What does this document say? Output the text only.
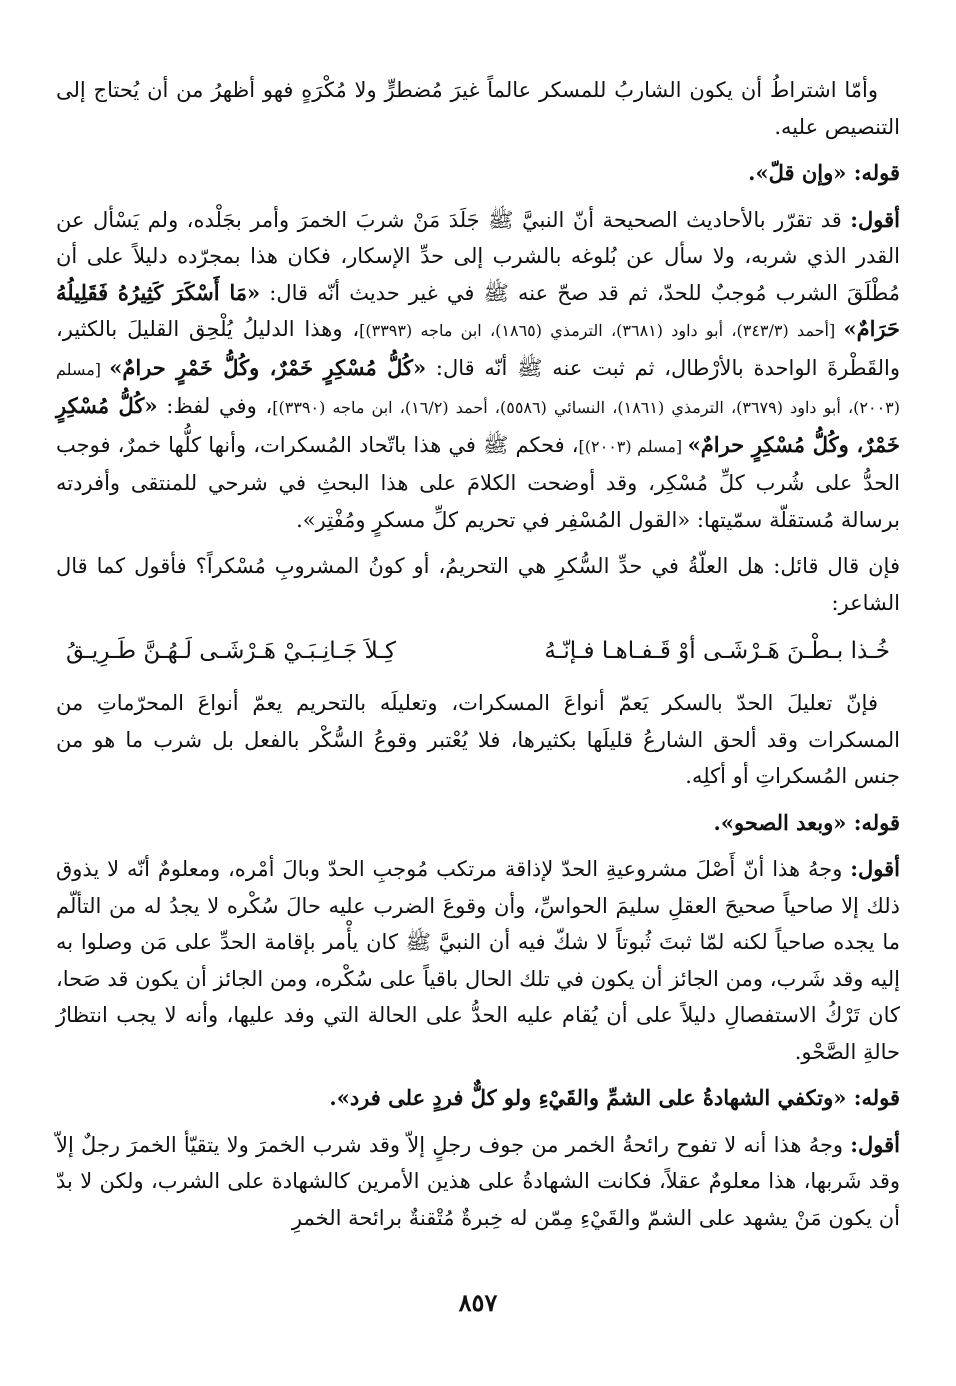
وأمّا اشتراطُ أن يكون الشاربُ للمسكر عالماً غيرَ مُضطرٍّ ولا مُكْرَهٍ فهو أظهرُ من أن يُحتاج إلى التنصيص عليه.

قوله: «وإن قلّ».

أقول: قد تقرّر بالأحاديث الصحيحة أنّ النبيَّ ﷺ جَلَدَ مَنْ شربَ الخمرَ وأمر بجَلْده، ولم يَسْأل عن القدر الذي شربه، ولا سأل عن بُلوغه بالشرب إلى حدِّ الإسكار، فكان هذا بمجرّده دليلاً على أن مُطْلَقَ الشرب مُوجبٌ للحدّ، ثم قد صحّ عنه ﷺ في غير حديث أنّه قال: «مَا أَسْكَرَ كَثِيرُهُ فَقَلِيلُهُ حَرَامٌ» [أحمد (٣٤٣/٣)، أبو داود (٣٦٨١)، الترمذي (١٨٦٥)، ابن ماجه (٣٣٩٣)]، وهذا الدليلُ يُلْحِق القليلَ بالكثير، والقَطْرةَ الواحدة بالأرْطال، ثم ثبت عنه ﷺ أنّه قال: «كُلُّ مُسْكِرٍ خَمْرٌ، وكُلُّ خَمْرٍ حرامٌ» [مسلم (٢٠٠٣)، أبو داود (٣٦٧٩)، الترمذي (١٨٦١)، النسائي (٥٥٨٦)، أحمد (١٦/٢)، ابن ماجه (٣٣٩٠)]، وفي لفظ: «كُلُّ مُسْكِرٍ خَمْرٌ، وكُلُّ مُسْكِرٍ حرامٌ» [مسلم (٢٠٠٣)]، فحكم ﷺ في هذا باتّحاد المُسكرات، وأنها كلُّها خمرٌ، فوجب الحدُّ على شُرب كلِّ مُسْكِر، وقد أوضحت الكلامَ على هذا البحثِ في شرحي للمنتقى وأفردته برسالة مُستقلّة سمّيتها: «القول المُسْفِر في تحريم كلِّ مسكرٍ ومُفْتِر».

فإن قال قائل: هل العلّةُ في حدِّ السُّكرِ هي التحريمُ، أو كونُ المشروبِ مُسْكراً؟ فأقول كما قال الشاعر:

خُـذا بـطْـنَ هَـرْشَـى أوْ قَـفـاهـا فـإنّـهُ
كِـلاَ جَـانِـبَـيْ هَـرْشَـى لَـهُـنَّ طَـرِيـقُ

فإنّ تعليلَ الحدّ بالسكر يَعمّ أنواعَ المسكرات، وتعليلَه بالتحريم يعمّ أنواعَ المحرّماتِ من المسكرات وقد ألحق الشارعُ قليلَها بكثيرها، فلا يُعْتبر وقوعُ السُّكْر بالفعل بل شرب ما هو من جنس المُسكراتِ أو أكلِه.

قوله: «وبعد الصحو».

أقول: وجهُ هذا أنّ أَصْلَ مشروعيةِ الحدّ لإذاقة مرتكب مُوجبِ الحدّ وبالَ أمْره، ومعلومٌ أنّه لا يذوق ذلك إلا صاحياً صحيحَ العقلِ سليمَ الحواسِّ، وأن وقوعَ الضرب عليه حالَ سُكْره لا يجدُ له من التألّم ما يجده صاحياً لكنه لمّا ثبتَ ثُبوتاً لا شكّ فيه أن النبيَّ ﷺ كان يأْمر بإقامة الحدِّ على مَن وصلوا به إليه وقد شَرب، ومن الجائز أن يكون في تلك الحال باقياً على سُكْره، ومن الجائز أن يكون قد صَحا، كان تَرْكُ الاستفصالِ دليلاً على أن يُقام عليه الحدُّ على الحالة التي وفد عليها، وأنه لا يجب انتظارُ حالةِ الصَّحْو.

قوله: «وتكفي الشهادةُ على الشمِّ والقَيْءِ ولو كلٌّ فردٍ على فرد».

أقول: وجهُ هذا أنه لا تفوح رائحةُ الخمر من جوف رجلٍ إلاّ وقد شرب الخمرَ ولا يتقيّأ الخمرَ رجلٌ إلاّ وقد شَربها، هذا معلومٌ عقلاً، فكانت الشهادةُ على هذين الأمرين كالشهادة على الشرب، ولكن لا بدّ أن يكون مَنْ يشهد على الشمّ والقَيْءِ مِمّن له خِبرةٌ مُتْقنةٌ برائحة الخمرِ

٨٥٧
